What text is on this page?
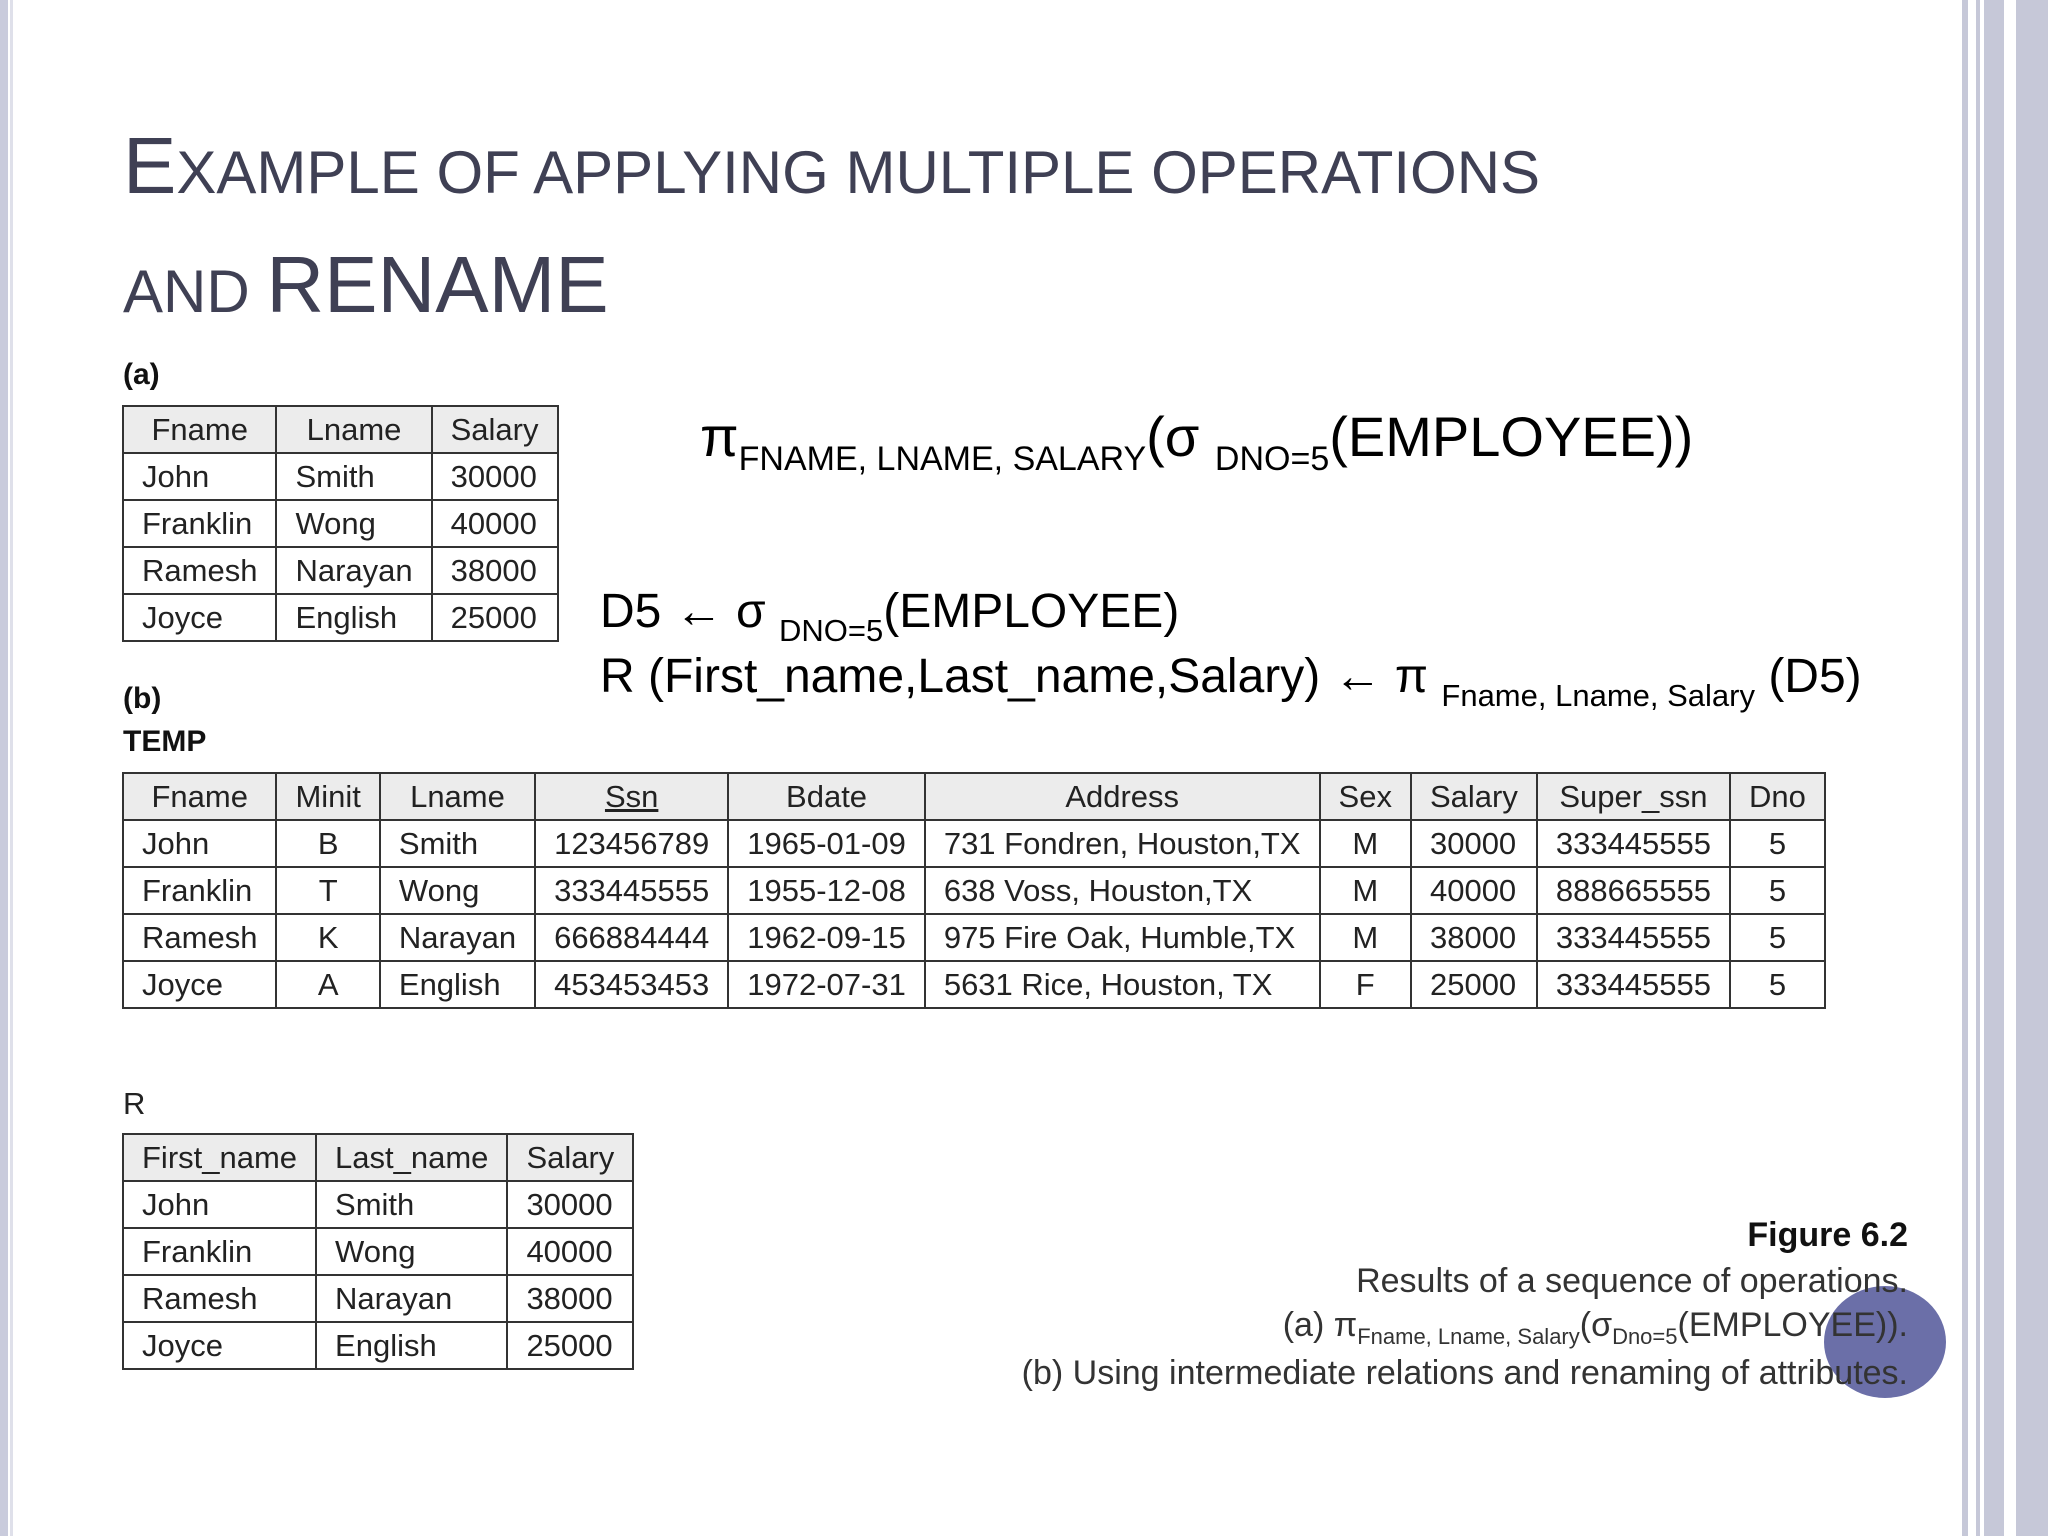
EXAMPLE OF APPLYING MULTIPLE OPERATIONS
AND RENAME
(a)
Fname	Lname	Salary
John	Smith	30000
Franklin	Wong	40000
Ramesh	Narayan	38000
Joyce	English	25000
$\pi_{FNAME, LNAME, SALARY}(\sigma$ $_{DNO=5}$(EMPLOYEE))
D5 ← σ $_{DNO=5}$(EMPLOYEE)
R (First_name,Last_name,Salary) ← π $_{Fname, Lname, Salary}$ (D5)
(b)
TEMP
Fname	Minit	Lname	Ssn	Bdate	Address	Sex	Salary	Super_ssn	Dno
John	B	Smith	123456789	1965-01-09	731 Fondren, Houston,TX	M	30000	333445555	5
Franklin	T	Wong	333445555	1955-12-08	638 Voss, Houston,TX	M	40000	888665555	5
Ramesh	K	Narayan	666884444	1962-09-15	975 Fire Oak, Humble,TX	M	38000	333445555	5
Joyce	A	English	453453453	1972-07-31	5631 Rice, Houston, TX	F	25000	333445555	5
R
First_name	Last_name	Salary
John	Smith	30000
Franklin	Wong	40000
Ramesh	Narayan	38000
Joyce	English	25000
Figure 6.2
Results of a sequence of operations.
(a) $\pi_{Fname, Lname, Salary}(\sigma_{Dno=5}(EMPLOYEE))$.
(b) Using intermediate relations and renaming of attributes.
